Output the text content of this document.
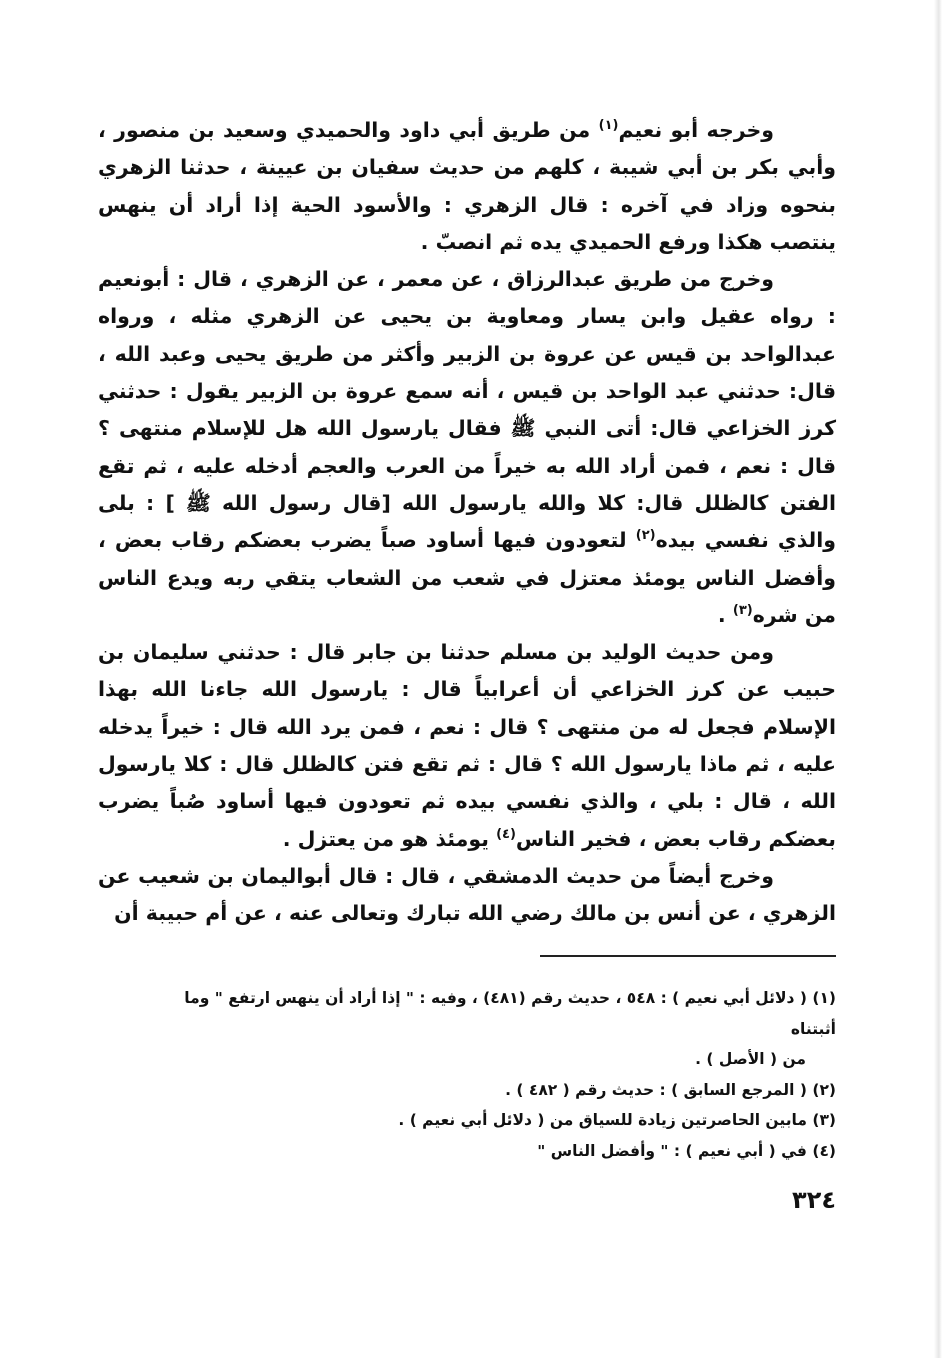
وخرجه أبو نعيم$^{(١)}$ من طريق أبي داود والحميدي وسعيد بن منصور ، وأبي بكر بن أبي شيبة ، كلهم من حديث سفيان بن عيينة ، حدثنا الزهري بنحوه وزاد في آخره : قال الزهري : والأسود الحية إذا أراد أن ينهس ينتصب هكذا ورفع الحميدي يده ثم انصبّ .

وخرج من طريق عبدالرزاق ، عن معمر ، عن الزهري ، قال : أبونعيم : رواه عقيل وابن يسار ومعاوية بن يحيى عن الزهري مثله ، ورواه عبدالواحد بن قيس عن عروة بن الزبير وأكثر من طريق يحيى وعبد الله ، قال: حدثني عبد الواحد بن قيس ، أنه سمع عروة بن الزبير يقول : حدثني كرز الخزاعي قال: أتى النبي ﷺ فقال يارسول الله هل للإسلام منتهى ؟ قال : نعم ، فمن أراد الله به خيراً من العرب والعجم أدخله عليه ، ثم تقع الفتن كالظلل قال: كلا والله يارسول الله [قال رسول الله ﷺ ] : بلى والذي نفسي بيده$^{(٢)}$ لتعودون فيها أساود صباً يضرب بعضكم رقاب بعض ، وأفضل الناس يومئذ معتزل في شعب من الشعاب يتقي ربه ويدع الناس من شره$^{(٣)}$ .

ومن حديث الوليد بن مسلم حدثنا بن جابر قال : حدثني سليمان بن حبيب عن كرز الخزاعي أن أعرابياً قال : يارسول الله جاءنا الله بهذا الإسلام فجعل له من منتهى ؟ قال : نعم ، فمن يرد الله قال : خيراً يدخله عليه ، ثم ماذا يارسول الله ؟ قال : ثم تقع فتن كالظلل قال : كلا يارسول الله ، قال : بلي ، والذي نفسي بيده ثم تعودون فيها أساود صُباً يضرب بعضكم رقاب بعض ، فخير الناس$^{(٤)}$ يومئذ هو من يعتزل .

وخرج أيضاً من حديث الدمشقي ، قال : قال أبواليمان بن شعيب عن الزهري ، عن أنس بن مالك رضي الله تبارك وتعالى عنه ، عن أم حبيبة أن

(١) ( دلائل أبي نعيم ) : ٥٤٨ ، حديث رقم (٤٨١) ، وفيه : " إذا أراد أن ينهس ارتفع " وما أثبتناه
من ( الأصل ) .

(٢) ( المرجع السابق ) : حديث رقم ( ٤٨٢ ) .

(٣) مابين الحاصرتين زيادة للسياق من ( دلائل أبي نعيم ) .

(٤) في ( أبي نعيم ) : " وأفضل الناس "

٣٢٤
